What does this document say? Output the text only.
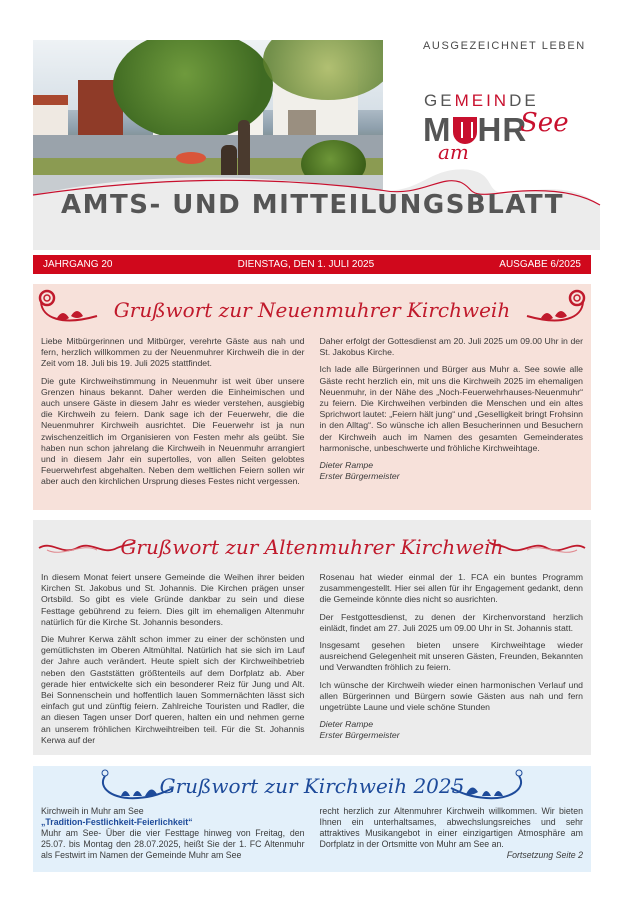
AUSGEZEICHNET LEBEN
GEMEINDE
M HR
See
am
AMTS- UND MITTEILUNGSBLATT
JAHRGANG 20	DIENSTAG, DEN 1. JULI 2025	AUSGABE 6/2025
Grußwort zur Neuenmuhrer Kirchweih

Liebe Mitbürgerinnen und Mitbürger, verehrte Gäste aus nah und fern, herzlich willkommen zu der Neuenmuhrer Kirchweih die in der Zeit vom 18. Juli bis 19. Juli 2025 stattfindet.

Die gute Kirchweihstimmung in Neuenmuhr ist weit über unsere Grenzen hinaus bekannt. Daher werden die Einheimischen und auch unsere Gäste in diesem Jahr es wieder verstehen, ausgiebig die Kirchweih zu feiern. Dank sage ich der Feuerwehr, die die Neuenmuhrer Kirchweih ausrichtet. Die Feuerwehr ist ja nun zwischenzeitlich im Organisieren von Festen mehr als geübt. Sie haben nun schon jahrelang die Kirchweih in Neuenmuhr arrangiert und in diesem Jahr ein supertolles, von allen Seiten gelobtes Feuerwehrfest abgehalten. Neben dem weltlichen Feiern sollen wir aber auch den kirchlichen Ursprung dieses Festes nicht vergessen.

Daher erfolgt der Gottesdienst am 20. Juli 2025 um 09.00 Uhr in der St. Jakobus Kirche.

Ich lade alle Bürgerinnen und Bürger aus Muhr a. See sowie alle Gäste recht herzlich ein, mit uns die Kirchweih 2025 im ehemaligen Neuenmuhr, in der Nähe des „Noch-Feuerwehrhauses-Neuenmuhr“ zu feiern. Die Kirchweihen verbinden die Menschen und ein altes Sprichwort lautet: „Feiern hält jung“ und „Geselligkeit bringt Frohsinn in den Alltag“. So wünsche ich allen Besucherinnen und Besuchern der Kirchweih auch im Namen des gesamten Gemeinderates harmonische, unbeschwerte und fröhliche Kirchweihtage.

Dieter Rampe
Erster Bürgermeister
Grußwort zur Altenmuhrer Kirchweih

In diesem Monat feiert unsere Gemeinde die Weihen ihrer beiden Kirchen St. Jakobus und St. Johannis. Die Kirchen prägen unser Ortsbild. So gibt es viele Gründe dankbar zu sein und diese Festtage gebührend zu feiern. Dies gilt im ehemaligen Altenmuhr natürlich für die Kirche St. Johannis besonders.

Die Muhrer Kerwa zählt schon immer zu einer der schönsten und gemütlichsten im Oberen Altmühltal. Natürlich hat sie sich im Lauf der Jahre auch verändert. Heute spielt sich der Kirchweihbetrieb neben den Gaststätten größtenteils auf dem Dorfplatz ab. Aber gerade hier entwickelte sich ein besonderer Reiz für Jung und Alt. Bei Sonnenschein und hoffentlich lauen Sommernächten lässt sich einfach gut und zünftig feiern. Zahlreiche Touristen und Radler, die an diesen Tagen unser Dorf queren, halten ein und nehmen gerne an unserem fröhlichen Kirchweihtreiben teil. Für die St. Johannis Kerwa auf der

Rosenau hat wieder einmal der 1. FCA ein buntes Programm zusammengestellt. Hier sei allen für ihr Engagement gedankt, denn die Gemeinde könnte dies nicht so ausrichten.

Der Festgottesdienst, zu denen der Kirchenvorstand herzlich einlädt, findet am 27. Juli 2025 um 09.00 Uhr in St. Johannis statt.

Insgesamt gesehen bieten unsere Kirchweihtage wieder ausreichend Gelegenheit mit unseren Gästen, Freunden, Bekannten und Verwandten fröhlich zu feiern.

Ich wünsche der Kirchweih wieder einen harmonischen Verlauf und allen Bürgerinnen und Bürgern sowie Gästen aus nah und fern ungetrübte Laune und viele schöne Stunden

Dieter Rampe
Erster Bürgermeister
Grußwort zur Kirchweih 2025
Kirchweih in Muhr am See
„Tradition-Festlichkeit-Feierlichkeit“
Muhr am See- Über die vier Festtage hinweg von Freitag, den 25.07. bis Montag den 28.07.2025, heißt Sie der 1. FC Altenmuhr als Festwirt im Namen der Gemeinde Muhr am See
recht herzlich zur Altenmuhrer Kirchweih willkommen. Wir bieten Ihnen ein unterhaltsames, abwechslungsreiches und sehr attraktives Musikangebot in einer einzigartigen Atmosphäre am Dorfplatz in der Ortsmitte von Muhr am See an.
Fortsetzung Seite 2
